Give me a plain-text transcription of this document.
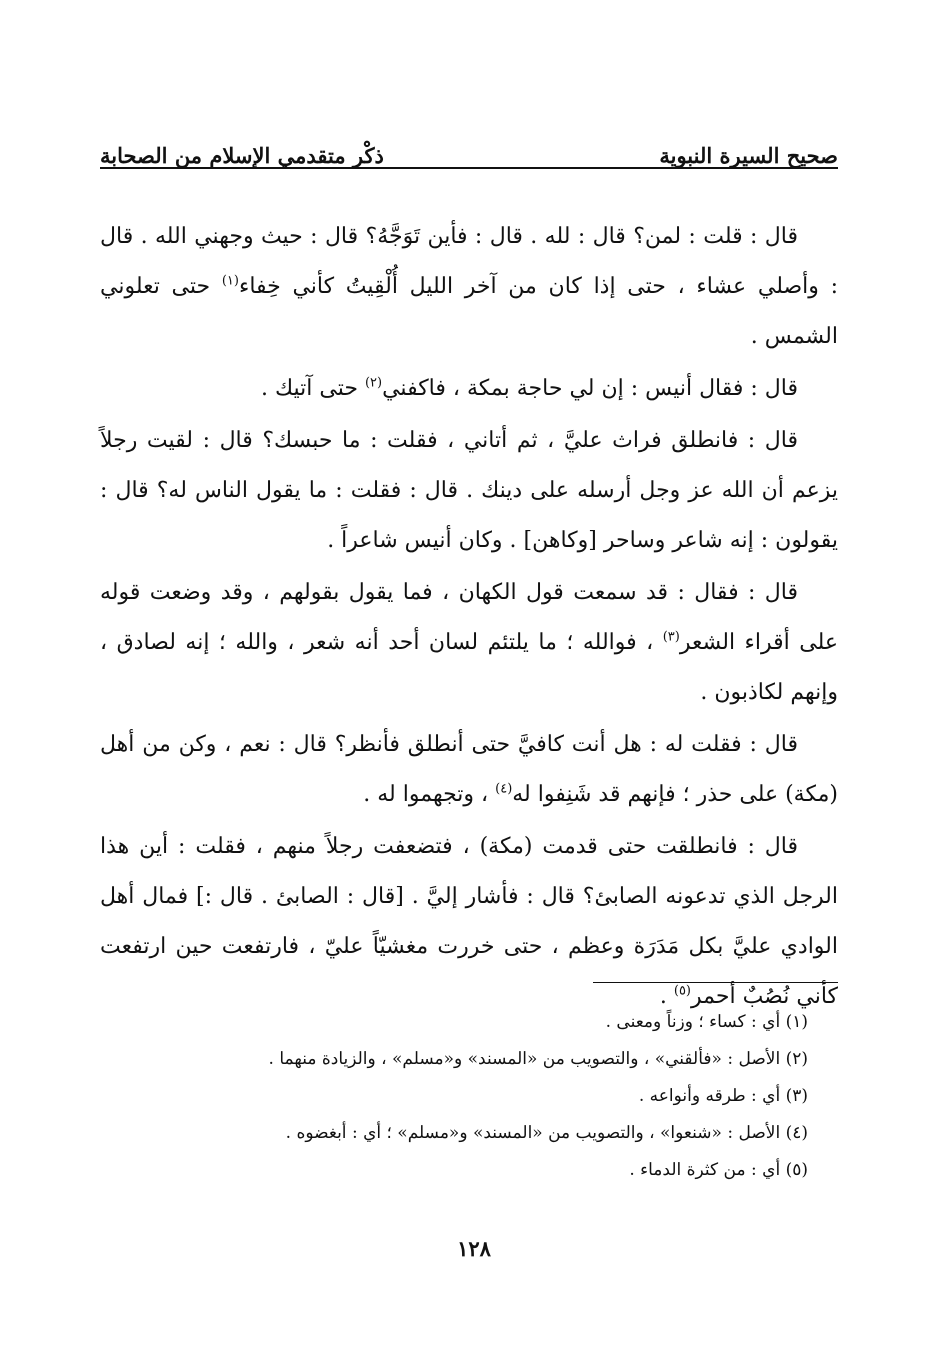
صحيح السيرة النبوية
ذكْر متقدمي الإسلام من الصحابة

قال : قلت : لمن؟ قال : لله . قال : فأين تَوَجَّهُ؟ قال : حيث وجهني الله . قال : وأصلي عشاء ، حتى إذا كان من آخر الليل أُلْقِيتُ كأني خِفاء$^{(١)}$ حتى تعلوني الشمس .

قال : فقال أنيس : إن لي حاجة بمكة ، فاكفني$^{(٢)}$ حتى آتيك .

قال : فانطلق فراث عليَّ ، ثم أتاني ، فقلت : ما حبسك؟ قال : لقيت رجلاً يزعم أن الله عز وجل أرسله على دينك . قال : فقلت : ما يقول الناس له؟ قال : يقولون : إنه شاعر وساحر [وكاهن] . وكان أنيس شاعراً .

قال : فقال : قد سمعت قول الكهان ، فما يقول بقولهم ، وقد وضعت قوله على أقراء الشعر$^{(٣)}$ ، فوالله ؛ ما يلتئم لسان أحد أنه شعر ، والله ؛ إنه لصادق ، وإنهم لكاذبون .

قال : فقلت له : هل أنت كافيَّ حتى أنطلق فأنظر؟ قال : نعم ، وكن من أهل (مكة) على حذر ؛ فإنهم قد شَنِفوا له$^{(٤)}$ ، وتجهموا له .

قال : فانطلقت حتى قدمت (مكة) ، فتضعفت رجلاً منهم ، فقلت : أين هذا الرجل الذي تدعونه الصابئ؟ قال : فأشار إليَّ . [قال : الصابئ . قال :] فمال أهل الوادي عليَّ بكل مَدَرَة وعظم ، حتى خررت مغشيّاً عليّ ، فارتفعت حين ارتفعت كأني نُصُبٌ أحمر$^{(٥)}$ .

(١) أي : كساء ؛ وزناً ومعنى .
(٢) الأصل : «فألقني» ، والتصويب من «المسند» و«مسلم» ، والزيادة منهما .
(٣) أي : طرقه وأنواعه .
(٤) الأصل : «شنعوا» ، والتصويب من «المسند» و«مسلم» ؛ أي : أبغضوه .
(٥) أي : من كثرة الدماء .
١٢٨
